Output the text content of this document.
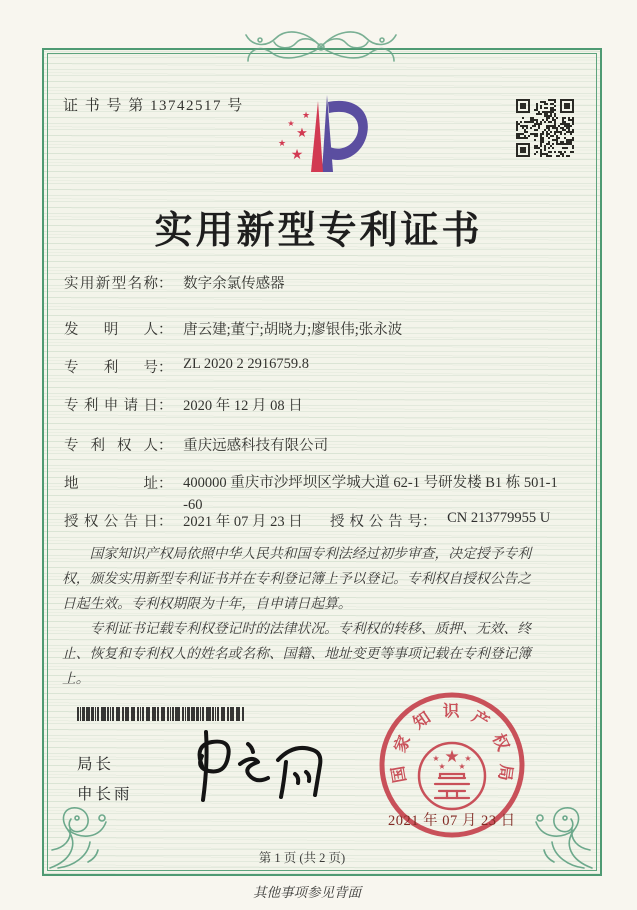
证 书 号 第 13742517 号
★
★
★
★
★
实用新型专利证书
实用新型名称： 数字余氯传感器
发明人： 唐云建;董宁;胡晓力;廖银伟;张永波
专利号： ZL 2020 2 2916759.8
专利申请日： 2020 年 12 月 08 日
专利权人： 重庆远感科技有限公司
地址： 400000 重庆市沙坪坝区学城大道 62-1 号研发楼 B1 栋 501-1
-60
授权公告日： 2021 年 07 月 23 日 授权公告号： CN 213779955 U

国家知识产权局依照中华人民共和国专利法经过初步审查，决定授予专利权，颁发实用新型专利证书并在专利登记簿上予以登记。专利权自授权公告之日起生效。专利权期限为十年，自申请日起算。

专利证书记载专利权登记时的法律状况。专利权的转移、质押、无效、终止、恢复和专利权人的姓名或名称、国籍、地址变更等事项记载在专利登记簿上。

局长
申长雨
★
★	★
★ ★
国
家
知 识 产
权
局
2021 年 07 月 23 日
第 1 页 (共 2 页)
其他事项参见背面
